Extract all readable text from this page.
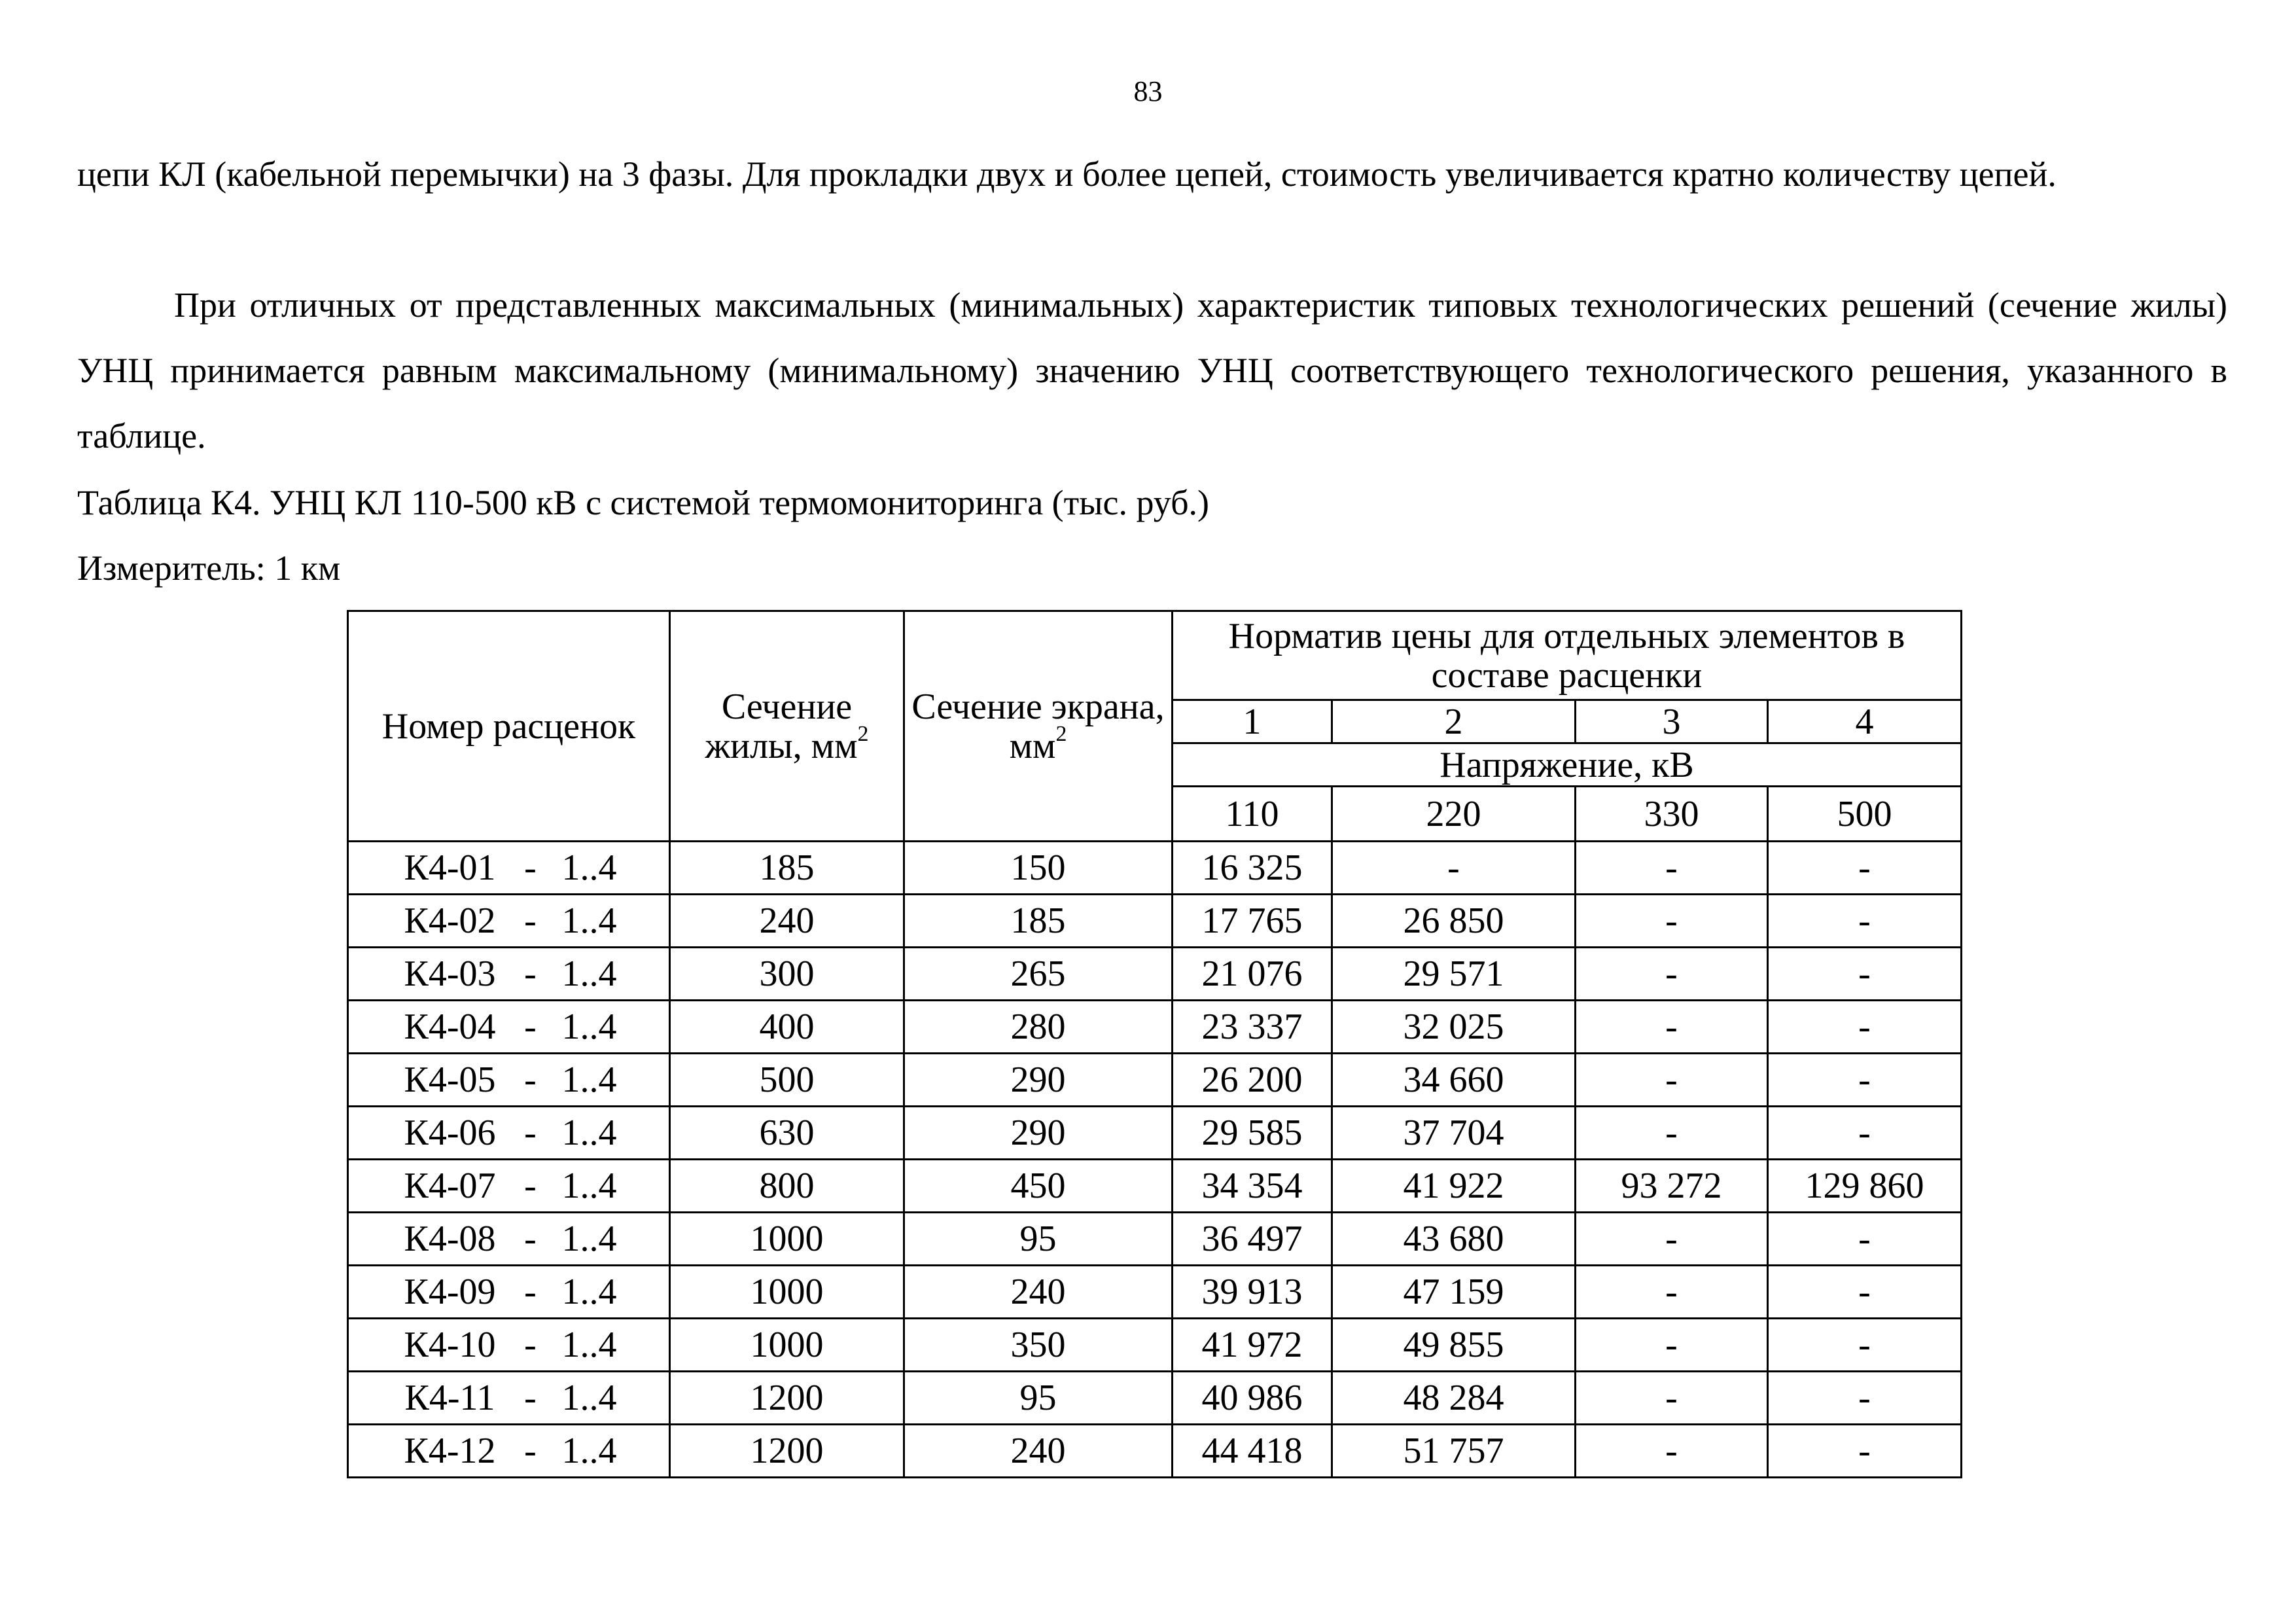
83

цепи КЛ (кабельной перемычки) на 3 фазы. Для прокладки двух и более цепей, стоимость увеличивается кратно количеству цепей.

При отличных от представленных максимальных (минимальных) характеристик типовых технологических решений (сечение жилы) УНЦ принимается равным максимальному (минимальному) значению УНЦ соответствующего технологического решения, указанного в таблице.

Таблица К4. УНЦ КЛ 110-500 кВ с системой термомониторинга (тыс. руб.)
Измеритель: 1 км
Номер расценок	Сечение жилы, $мм^2$	Сечение экрана, $мм^2$	Норматив цены для отдельных элементов в составе расценки			
			1	2	3	4
			Напряжение, кВ			
			110	220	330	500
К4-01 - 1..4	185	150	16 325	-	-	-
К4-02 - 1..4	240	185	17 765	26 850	-	-
К4-03 - 1..4	300	265	21 076	29 571	-	-
К4-04 - 1..4	400	280	23 337	32 025	-	-
К4-05 - 1..4	500	290	26 200	34 660	-	-
К4-06 - 1..4	630	290	29 585	37 704	-	-
К4-07 - 1..4	800	450	34 354	41 922	93 272	129 860
К4-08 - 1..4	1000	95	36 497	43 680	-	-
К4-09 - 1..4	1000	240	39 913	47 159	-	-
К4-10 - 1..4	1000	350	41 972	49 855	-	-
К4-11 - 1..4	1200	95	40 986	48 284	-	-
К4-12 - 1..4	1200	240	44 418	51 757	-	-
